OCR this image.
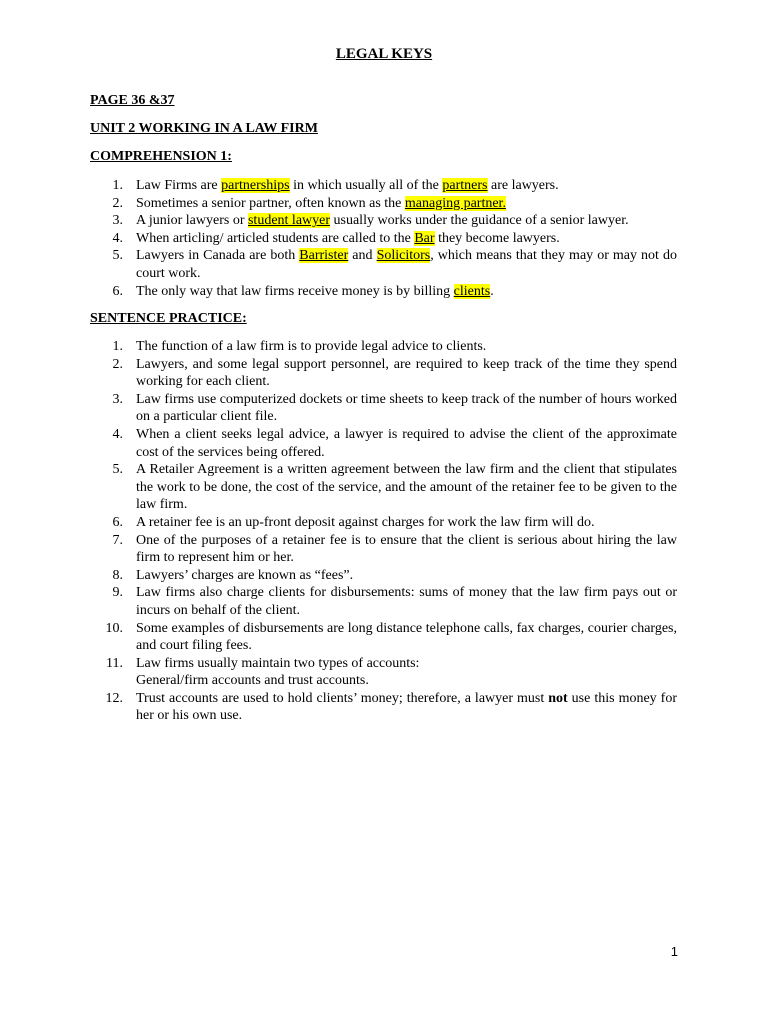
LEGAL KEYS
PAGE 36 &37
UNIT 2 WORKING IN A LAW FIRM
COMPREHENSION 1:
1. Law Firms are partnerships in which usually all of the partners are lawyers.
2. Sometimes a senior partner, often known as the managing partner.
3. A junior lawyers or student lawyer usually works under the guidance of a senior lawyer.
4. When articling/ articled students are called to the Bar they become lawyers.
5. Lawyers in Canada are both Barrister and Solicitors, which means that they may or may not do court work.
6. The only way that law firms receive money is by billing clients.
SENTENCE PRACTICE:
1. The function of a law firm is to provide legal advice to clients.
2. Lawyers, and some legal support personnel, are required to keep track of the time they spend working for each client.
3. Law firms use computerized dockets or time sheets to keep track of the number of hours worked on a particular client file.
4. When a client seeks legal advice, a lawyer is required to advise the client of the approximate cost of the services being offered.
5. A Retailer Agreement is a written agreement between the law firm and the client that stipulates the work to be done, the cost of the service, and the amount of the retainer fee to be given to the law firm.
6. A retainer fee is an up-front deposit against charges for work the law firm will do.
7. One of the purposes of a retainer fee is to ensure that the client is serious about hiring the law firm to represent him or her.
8. Lawyers’ charges are known as “fees”.
9. Law firms also charge clients for disbursements: sums of money that the law firm pays out or incurs on behalf of the client.
10. Some examples of disbursements are long distance telephone calls, fax charges, courier charges, and court filing fees.
11. Law firms usually maintain two types of accounts:
General/firm accounts and trust accounts.
12. Trust accounts are used to hold clients’ money; therefore, a lawyer must not use this money for her or his own use.
1
